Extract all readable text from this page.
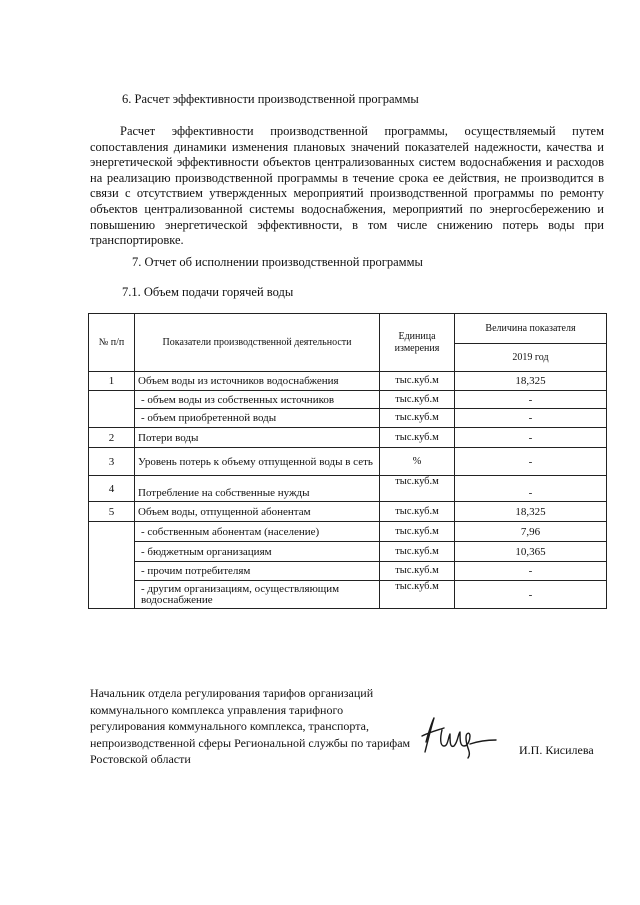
6. Расчет эффективности производственной программы
Расчет эффективности производственной программы, осуществляемый путем сопоставления динамики изменения плановых значений показателей надежности, качества и энергетической эффективности объектов централизованных систем водоснабжения и расходов на реализацию производственной программы в течение срока ее действия, не производится в связи с отсутствием утвержденных мероприятий производственной программы по ремонту объектов централизованной системы водоснабжения, мероприятий по энергосбережению и повышению энергетической эффективности, в том числе снижению потерь воды при транспортировке.
7. Отчет об исполнении производственной программы
7.1. Объем подачи горячей воды
№ п/п	Показатели производственной деятельности	Единица измерения	Величина показателя
			2019 год
1	Объем воды из источников водоснабжения	тыс.куб.м	18,325
	- объем воды из собственных источников	тыс.куб.м	-
	- объем приобретенной воды	тыс.куб.м	-
2	Потери воды	тыс.куб.м	-
3	Уровень потерь к объему отпущенной воды в сеть	%	-
4	Потребление на собственные нужды	тыс.куб.м	-
5	Объем воды, отпущенной абонентам	тыс.куб.м	18,325
	- собственным абонентам (население)	тыс.куб.м	7,96
	- бюджетным организациям	тыс.куб.м	10,365
	- прочим потребителям	тыс.куб.м	-
	- другим организациям, осуществляющим водоснабжение	тыс.куб.м	-
Начальник отдела регулирования тарифов организаций коммунального комплекса управления тарифного регулирования коммунального комплекса, транспорта, непроизводственной сферы Региональной службы по тарифам Ростовской области
И.П. Кисилева
